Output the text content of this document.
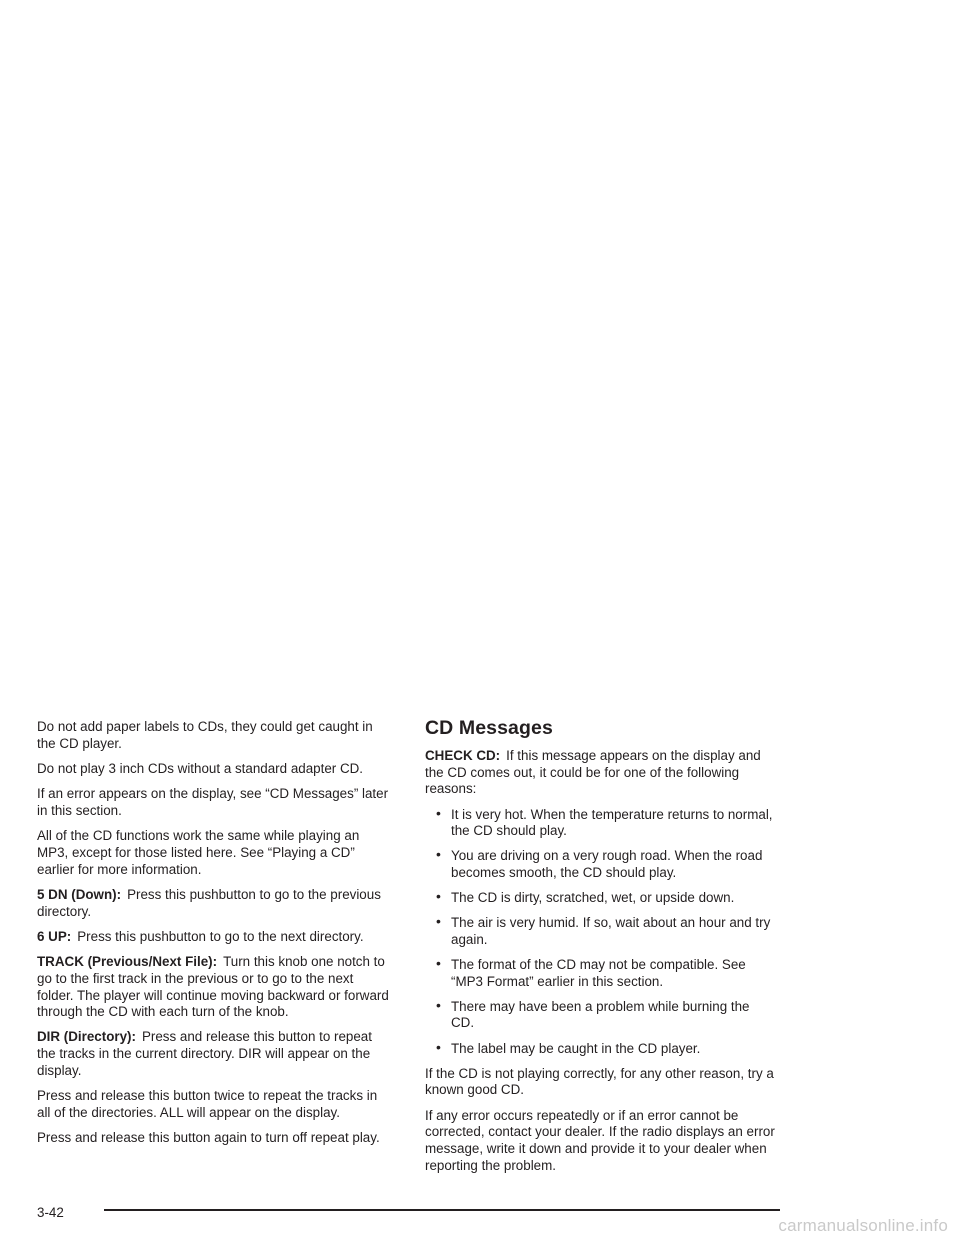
Do not add paper labels to CDs, they could get caught in the CD player.

Do not play 3 inch CDs without a standard adapter CD.

If an error appears on the display, see “CD Messages” later in this section.

All of the CD functions work the same while playing an MP3, except for those listed here. See “Playing a CD” earlier for more information.

5 DN (Down): Press this pushbutton to go to the previous directory.

6 UP: Press this pushbutton to go to the next directory.

TRACK (Previous/Next File): Turn this knob one notch to go to the first track in the previous or to go to the next folder. The player will continue moving backward or forward through the CD with each turn of the knob.

DIR (Directory): Press and release this button to repeat the tracks in the current directory. DIR will appear on the display.

Press and release this button twice to repeat the tracks in all of the directories. ALL will appear on the display.

Press and release this button again to turn off repeat play.

CD Messages

CHECK CD: If this message appears on the display and the CD comes out, it could be for one of the following reasons:

• It is very hot. When the temperature returns to normal, the CD should play.
• You are driving on a very rough road. When the road becomes smooth, the CD should play.
• The CD is dirty, scratched, wet, or upside down.
• The air is very humid. If so, wait about an hour and try again.
• The format of the CD may not be compatible. See “MP3 Format” earlier in this section.
• There may have been a problem while burning the CD.
• The label may be caught in the CD player.

If the CD is not playing correctly, for any other reason, try a known good CD.

If any error occurs repeatedly or if an error cannot be corrected, contact your dealer. If the radio displays an error message, write it down and provide it to your dealer when reporting the problem.

3-42
carmanualsonline.info
